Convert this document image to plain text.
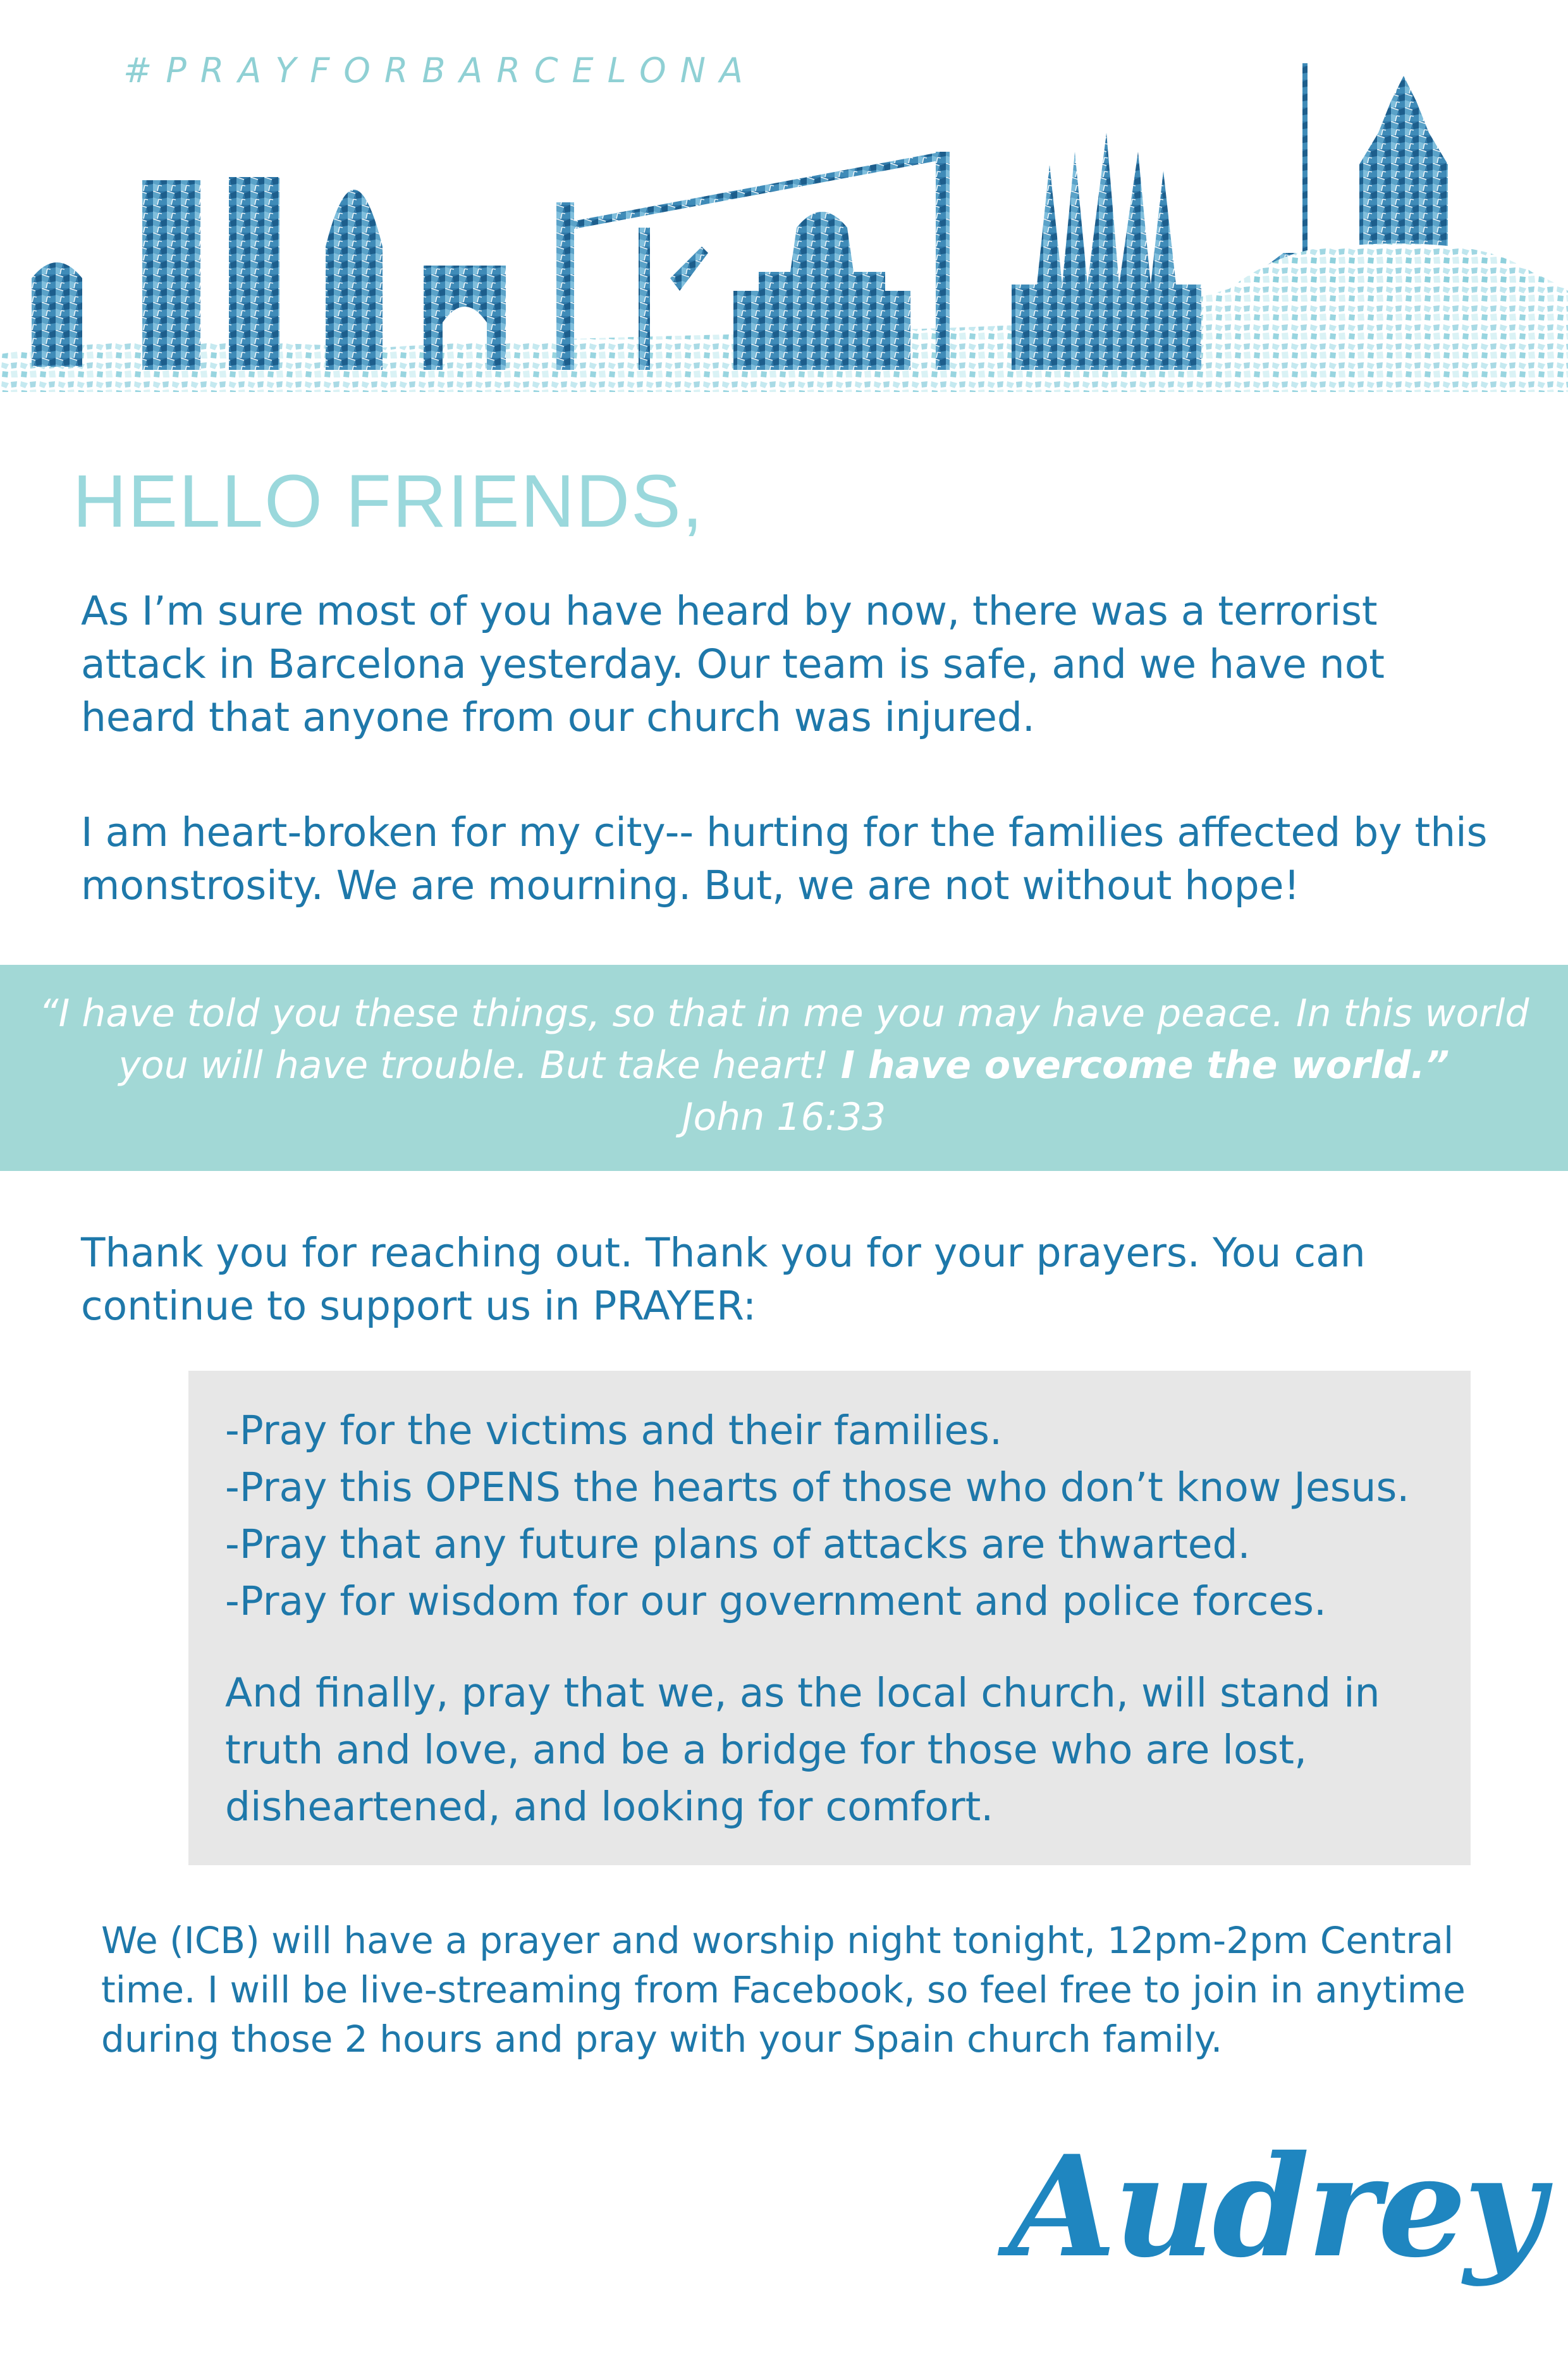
#PRAYFORBARCELONA
HELLO FRIENDS,

As I’m sure most of you have heard by now, there was a terrorist attack in Barcelona yesterday. Our team is safe, and we have not heard that anyone from our church was injured.

I am heart-broken for my city-- hurting for the families affected by this monstrosity. We are mourning. But, we are not without hope!

“I have told you these things, so that in me you may have peace. In this world you will have trouble. But take heart! I have overcome the world.”
John 16:33

Thank you for reaching out. Thank you for your prayers. You can continue to support us in PRAYER:

-Pray for the victims and their families.
-Pray this OPENS the hearts of those who don’t know Jesus.
-Pray that any future plans of attacks are thwarted.
-Pray for wisdom for our government and police forces.

And finally, pray that we, as the local church, will stand in truth and love, and be a bridge for those who are lost, disheartened, and looking for comfort.

We (ICB) will have a prayer and worship night tonight, 12pm-2pm Central time. I will be live-streaming from Facebook, so feel free to join in anytime during those 2 hours and pray with your Spain church family.

Audrey
